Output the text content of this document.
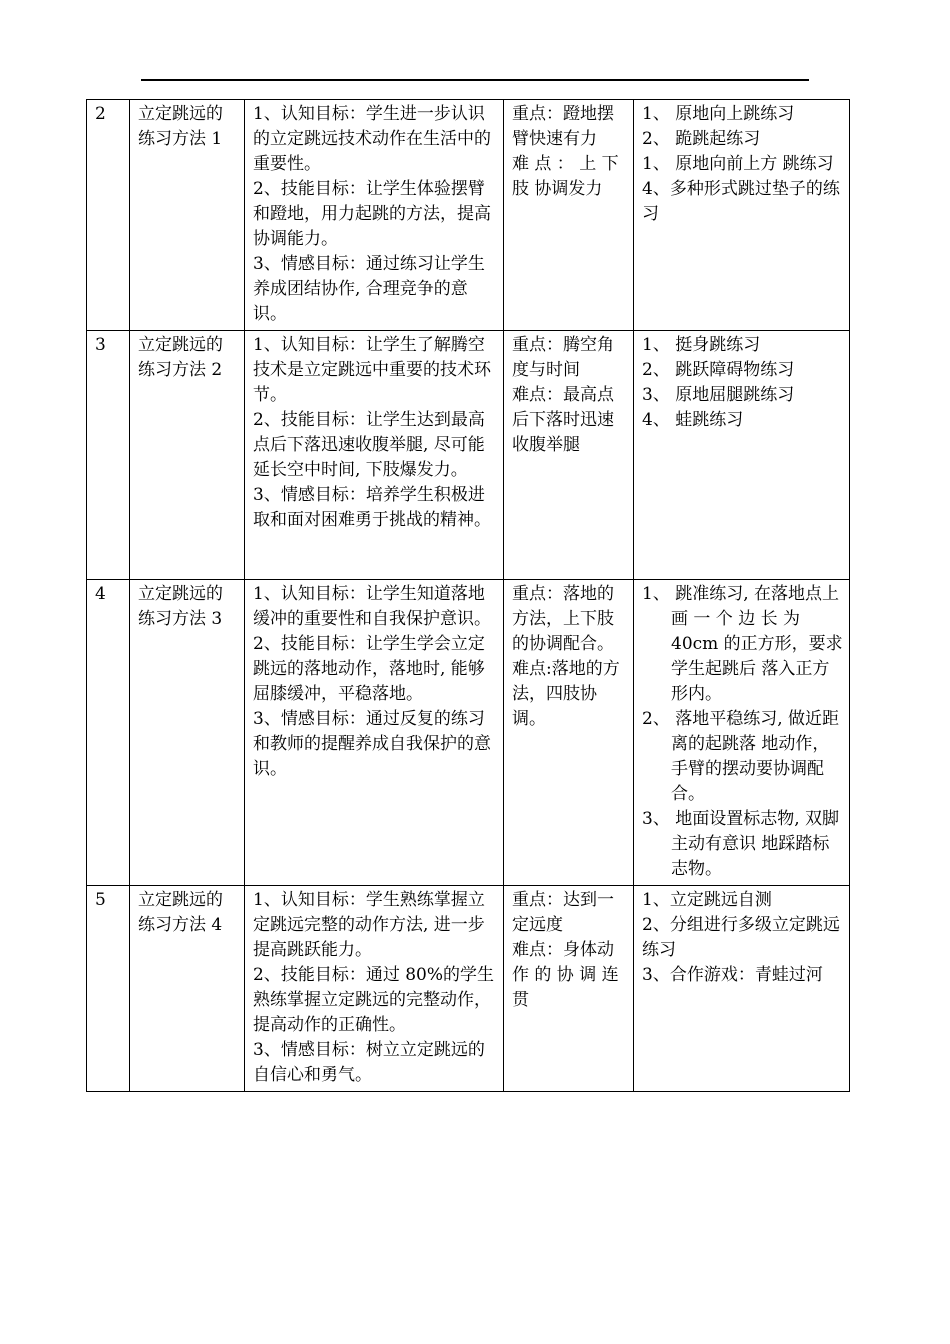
2	立定跳远的练习方法 1	1、认知目标：学生进一步认识的立定跳远技术动作在生活中的重要性。
2、技能目标：让学生体验摆臂和蹬地，用力起跳的方法，提高协调能力。
3、情感目标：通过练习让学生养成团结协作, 合理竞争的意识。	重点：蹬地摆臂快速有力
难 点 ： 上 下 肢 协调发力	1、 原地向上跳练习
2、 跪跳起练习
1、 原地向前上方 跳练习
4、多种形式跳过垫子的练习

3	立定跳远的练习方法 2	1、认知目标：让学生了解腾空技术是立定跳远中重要的技术环节。
2、技能目标：让学生达到最高点后下落迅速收腹举腿, 尽可能延长空中时间, 下肢爆发力。
3、情感目标：培养学生积极进取和面对困难勇于挑战的精神。	重点：腾空角度与时间
难点：最高点后下落时迅速收腹举腿	1、 挺身跳练习
2、 跳跃障碍物练习
3、 原地屈腿跳练习
4、 蛙跳练习

4	立定跳远的练习方法 3	1、认知目标：让学生知道落地缓冲的重要性和自我保护意识。
2、技能目标：让学生学会立定跳远的落地动作，落地时, 能够屈膝缓冲，平稳落地。
3、情感目标：通过反复的练习和教师的提醒养成自我保护的意识。	重点：落地的方法，上下肢的协调配合。
难点:落地的方法，四肢协调。	1、 跳准练习, 在落地点上 画 一 个 边 长 为 40cm 的正方形，要求学生起跳后 落入正方形内。
2、 落地平稳练习, 做近距离的起跳落 地动作，手臂的摆动要协调配合。
3、 地面设置标志物, 双脚主动有意识 地踩踏标志物。

5	立定跳远的练习方法 4	1、认知目标：学生熟练掌握立定跳远完整的动作方法, 进一步提高跳跃能力。
2、技能目标：通过 80%的学生熟练掌握立定跳远的完整动作，提高动作的正确性。
3、情感目标：树立立定跳远的自信心和勇气。	重点：达到一定远度
难点：身体动 作 的 协 调 连 贯	1、立定跳远自测
2、分组进行多级立定跳远练习
3、合作游戏：青蛙过河
